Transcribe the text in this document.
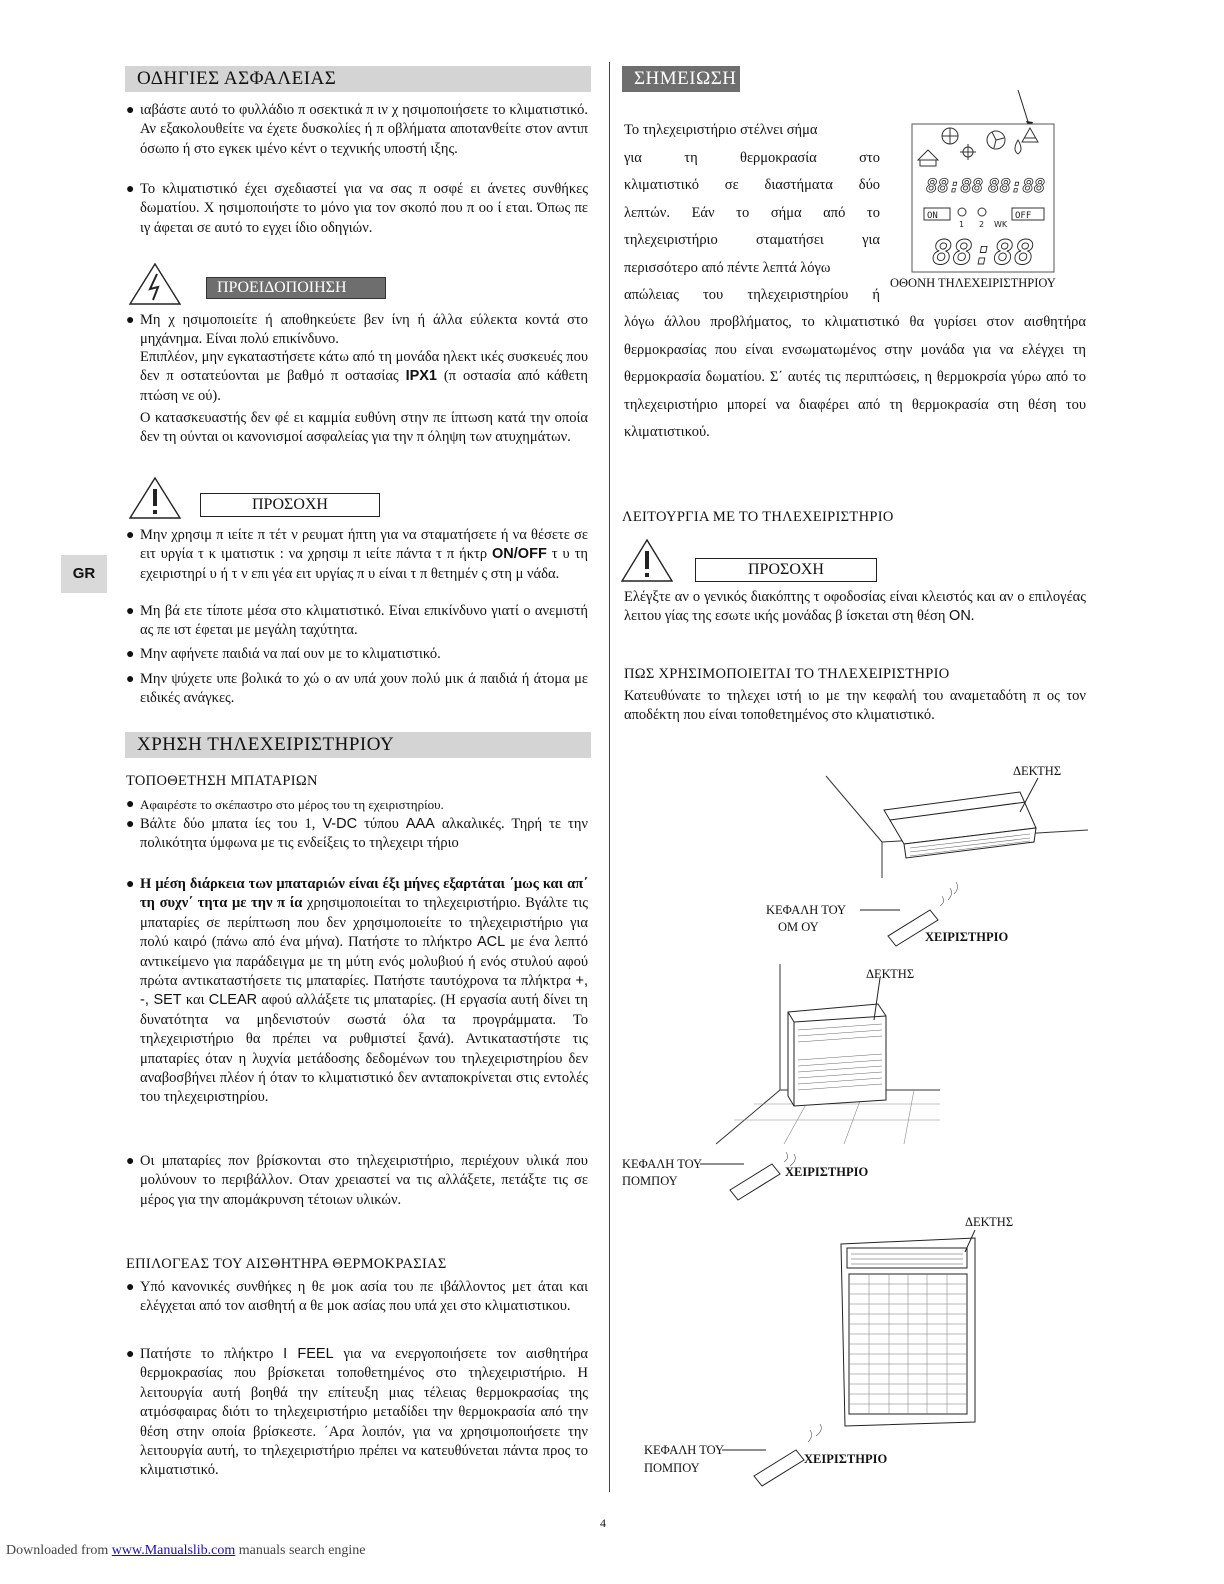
ΟΔΗΓΙΕΣ ΑΣΦΑΛΕΙΑΣ
● ιαβάστε αυτό το φυλλάδιο π οσεκτικά π ιν χ ησιμοποιήσετε το κλιματιστικό. Αν εξακολουθείτε να έχετε δυσκολίες ή π οβλήματα αποτανθείτε στον αντιπ όσωπο ή στο εγκεκ ιμένο κέντ ο τεχνικής υποστή ιξης.
● Το κλιματιστικό έχει σχεδιαστεί για να σας π οσφέ ει άνετες συνθήκες δωματίου. Χ ησιμοποιήστε το μόνο για τον σκοπό που π οο ί εται. Όπως πε ιγ άφεται σε αυτό το εγχει ίδιο οδηγιών.
ΠΡΟΕΙΔΟΠΟΙΗΣΗ
● Μη χ ησιμοποιείτε ή αποθηκεύετε βεν ίνη ή άλλα εύλεκτα κοντά στο μηχάνημα. Είναι πολύ επικίνδυνο.
Επιπλέον, μην εγκαταστήσετε κάτω από τη μονάδα ηλεκτ ικές συσκευές που δεν π οστατεύονται με βαθμό π οστασίας IPX1 (π οστασία από κάθετη πτώση νε ού).
Ο κατασκευαστής δεν φέ ει καμμία ευθύνη στην πε ίπτωση κατά την οποία δεν τη ούνται οι κανονισμοί ασφαλείας για την π όληψη των ατυχημάτων.
ΠΡΟΣΟΧΗ
● Μην χρησιμ π ιείτε π τέτ ν ρευματ ήπτη για να σταματήσετε ή να θέσετε σε ειτ υργία τ κ ιματιστικ : να χρησιμ π ιείτε πάντα τ π ήκτρ ON/OFF τ υ τη εχειριστηρί υ ή τ ν επι γέα ειτ υργίας π υ είναι τ π θετημέν ς στη μ νάδα.
● Μη βά ετε τίποτε μέσα στο κλιματιστικό. Είναι επικίνδυνο γιατί ο ανεμιστή ας πε ιστ έφεται με μεγάλη ταχύτητα.
● Μην αφήνετε παιδιά να παί ουν με το κλιματιστικό.
● Μην ψύχετε υπε βολικά το χώ ο αν υπά χουν πολύ μικ ά παιδιά ή άτομα με ειδικές ανάγκες.
ΧΡΗΣΗ ΤΗΛΕΧΕΙΡΙΣΤΗΡΙΟΥ
ΤΟΠΟΘΕΤΗΣΗ ΜΠΑΤΑΡΙΩΝ
● Αφαιρέστε το σκέπαστρο στο μέρος του τη εχειριστηρίου.
● Βάλτε δύο μπατα ίες του 1, V-DC τύπου AAA αλκαλικές. Τηρή τε την πολικότητα ύμφωνα με τις ενδείξεις το τηλεχειρι τήριο
● Η μέση διάρκεια των μπαταριών είναι έξι μήνες εξαρτάται ΄μως και απ΄ τη συχν΄ τητα με την π ία χρησιμοποιείται το τηλεχειριστήριο. Βγάλτε τις μπαταρίες σε περίπτωση που δεν χρησιμοποιείτε το τηλεχειριστήριο για πολύ καιρό (πάνω από ένα μήνα). Πατήστε το πλήκτρο ACL με ένα λεπτό αντικείμενο για παράδειγμα με τη μύτη ενός μολυβιού ή ενός στυλού αφού πρώτα αντικαταστήσετε τις μπαταρίες. Πατήστε ταυτόχρονα τα πλήκτρα +, -, SET και CLEAR αφού αλλάξετε τις μπαταρίες. (Η εργασία αυτή δίνει τη δυνατότητα να μηδενιστούν σωστά όλα τα προγράμματα. Το τηλεχειριστήριο θα πρέπει να ρυθμιστεί ξανά). Αντικαταστήστε τις μπαταρίες όταν η λυχνία μετάδοσης δεδομένων του τηλεχειριστηρίου δεν αναβοσβήνει πλέον ή όταν το κλιματιστικό δεν ανταποκρίνεται στις εντολές του τηλεχειριστηρίου.
● Οι μπαταρίες πον βρίσκονται στο τηλεχειριστήριο, περιέχουν υλικά που μολύνουν το περιβάλλον. Οταν χρειαστεί να τις αλλάξετε, πετάξτε τις σε μέρος για την απομάκρυνση τέτοιων υλικών.
ΕΠΙΛΟΓΕΑΣ ΤΟΥ ΑΙΣΘΗΤΗΡΑ ΘΕΡΜΟΚΡΑΣΙΑΣ
● Υπό κανονικές συνθήκες η θε μοκ ασία του πε ιβάλλοντος μετ άται και ελέγχεται από τον αισθητή α θε μοκ ασίας που υπά χει στο κλιματιστικου.
● Πατήστε το πλήκτρο I FEEL για να ενεργοποιήσετε τον αισθητήρα θερμοκρασίας που βρίσκεται τοποθετημένος στο τηλεχειριστήριο. Η λειτουργία αυτή βοηθά την επίτευξη μιας τέλειας θερμοκρασίας της ατμόσφαιρας διότι το τηλεχειριστήριο μεταδίδει την θερμοκρασία από την θέση στην οποία βρίσκεστε. ΄Αρα λοιπόν, για να χρησιμοποιήσετε την λειτουργία αυτή, το τηλεχειριστήριο πρέπει να κατευθύνεται πάντα προς το κλιματιστικό.
GR
ΣΗΜΕΙΩΣΗ
Το τηλεχειριστήριο στέλνει σήμα
για τη θερμοκρασία στο
κλιματιστικό σε διαστήματα δύο
λεπτών. Εάν το σήμα από το
τηλεχειριστήριο σταματήσει για
περισσότερο από πέντε λεπτά λόγω
απώλειας του τηλεχειριστηρίου ή
λόγω άλλου προβλήματος, το κλιματιστικό θα γυρίσει στον αισθητήρα θερμοκρασίας που είναι ενσωματωμένος στην μονάδα για να ελέγχει τη θερμοκρασία δωματίου. Σ΄ αυτές τις περιπτώσεις, η θερμοκρσία γύρω από το τηλεχειριστήριο μπορεί να διαφέρει από τη θερμοκρασία στη θέση του κλιματιστικού.
88:88 88:88
ON
1 2 WK
OFF
88:88
ΟΘΟΝΗ ΤΗΛΕΧΕΙΡΙΣΤΗΡΙΟΥ
ΛΕΙΤΟΥΡΓΙΑ ΜΕ ΤΟ ΤΗΛΕΧΕΙΡΙΣΤΗΡΙΟ
ΠΡΟΣΟΧΗ
Ελέγξτε αν ο γενικός διακόπτης τ οφοδοσίας είναι κλειστός και αν ο επιλογέας λειτου γίας της εσωτε ικής μονάδας β ίσκεται στη θέση ON.
ΠΩΣ ΧΡΗΣΙΜΟΠΟΙΕΙΤΑΙ ΤΟ ΤΗΛΕΧΕΙΡΙΣΤΗΡΙΟ
Κατευθύνατε το τηλεχει ιστή ιο με την κεφαλή του αναμεταδότη π ος τον αποδέκτη που είναι τοποθετημένος στο κλιματιστικό.
ΔΕΚΤΗΣ
ΚΕΦΑΛΗ ΤΟΥ
ΟΜ ΟΥ
ΧΕΙΡΙΣΤΗΡΙΟ
ΔΕΚΤΗΣ
ΚΕΦΑΛΗ ΤΟΥ
ΠΟΜΠΟΥ
ΧΕΙΡΙΣΤΗΡΙΟ
ΔΕΚΤΗΣ
ΚΕΦΑΛΗ ΤΟΥ
ΠΟΜΠΟΥ
ΧΕΙΡΙΣΤΗΡΙΟ
4
Downloaded from www.Manualslib.com manuals search engine
